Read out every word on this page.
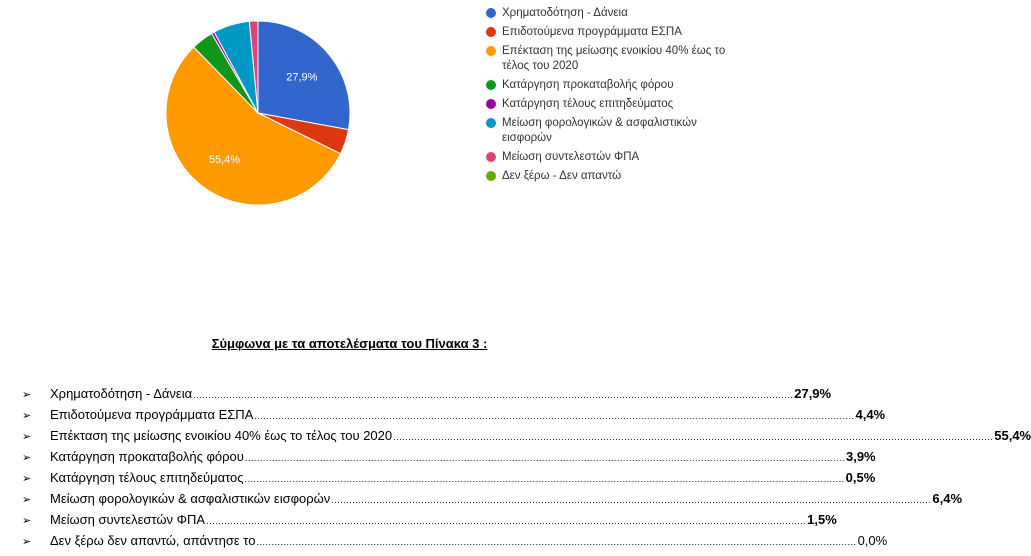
27,9%
55,4%
Χρηματοδότηση - Δάνεια
Επιδοτούμενα προγράμματα ΕΣΠΑ
Επέκταση της μείωσης ενοικίου 40% έως το τέλος του 2020
Κατάργηση προκαταβολής φόρου
Κατάργηση τέλους επιτηδεύματος
Μείωση φορολογικών & ασφαλιστικών εισφορών
Μείωση συντελεστών ΦΠΑ
Δεν ξέρω - Δεν απαντώ
Σύμφωνα με τα αποτελέσματα του Πίνακα 3 :
➢	Χρηματοδότηση - Δάνεια ........................................................................................................................................................................................................ 27,9%
➢	Επιδοτούμενα προγράμματα ΕΣΠΑ ........................................................................................................................................................................................................ 4,4%
➢	Επέκταση της μείωσης ενοικίου 40% έως το τέλος του 2020 ........................................................................................................................................................................................................ 55,4%
➢	Κατάργηση προκαταβολής φόρου ........................................................................................................................................................................................................ 3,9%
➢	Κατάργηση τέλους επιτηδεύματος ........................................................................................................................................................................................................ 0,5%
➢	Μείωση φορολογικών & ασφαλιστικών εισφορών ........................................................................................................................................................................................................ 6,4%
➢	Μείωση συντελεστών ΦΠΑ ........................................................................................................................................................................................................ 1,5%
➢	Δεν ξέρω δεν απαντώ, απάντησε το ........................................................................................................................................................................................................ 0,0%
